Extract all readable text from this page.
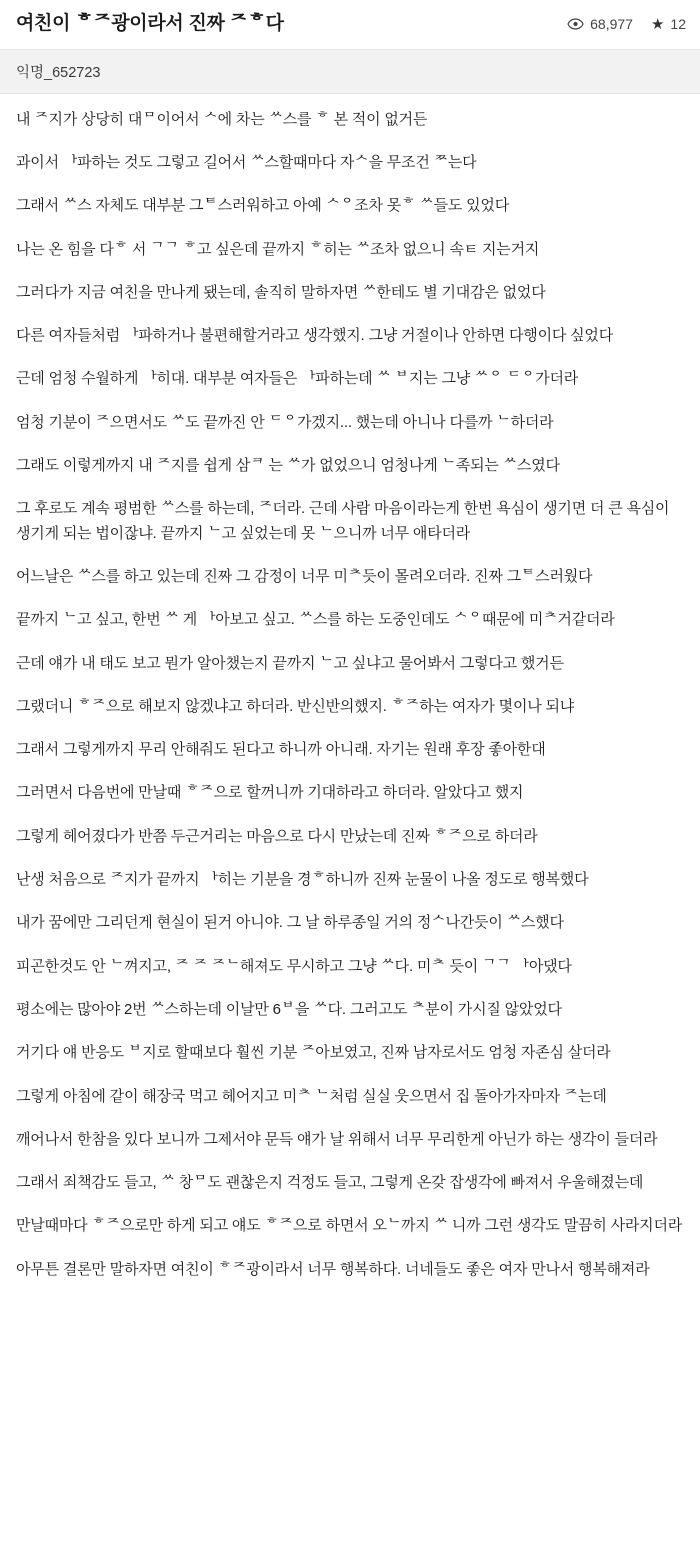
여친이 ᄒᄌ광이라서 진짜 ᄌᄒ다	68,977 ★ 12
익명_652723

내 ᄌ지가 상당히 대ᄆ이어서 ᄉ에 차는 ᄊ스를 ᄒ 본 적이 없거든

과이서 ᅡ파하는 것도 그렇고 길어서 ᄊ스할때마다 자ᄉ을 무조건 ᄍ는다

그래서 ᄊ스 자체도 대부분 그ᄐ스러워하고 아예 ᄉᄋ조차 못ᄒ ᄊ들도 있었다

나는 온 힘을 다ᄒ 서 ᄀᄀ ᄒ고 싶은데 끝까지 ᄒ히는 ᄊ조차 없으니 속ㅌ 지는거지

그러다가 지금 여친을 만나게 됐는데, 솔직히 말하자면 ᄊ한테도 별 기대감은 없었다

다른 여자들처럼 ᅡ파하거나 불편해할거라고 생각했지. 그냥 거절이나 안하면 다행이다 싶었다

근데 엄청 수월하게 ᅡ히대. 대부분 여자들은 ᅡ파하는데 ᄊ ᄇ지는 그냥 ᄊᄋ ᄃᄋ가더라

엄청 기분이 ᄌ으면서도 ᄊ도 끝까진 안 ᄃᄋ가겠지... 했는데 아니나 다를까 ᄂ하더라

그래도 이렇게까지 내 ᄌ지를 쉽게 삼ᄏ 는 ᄊ가 없었으니 엄청나게 ᄂ족되는 ᄊ스였다

그 후로도 계속 평범한 ᄊ스를 하는데, ᄌ더라. 근데 사람 마음이라는게 한번 욕심이 생기면 더 큰 욕심이 생기게 되는 법이잖냐. 끝까지 ᄂ고 싶었는데 못 ᄂ으니까 너무 애타더라

어느날은 ᄊ스를 하고 있는데 진짜 그 감정이 너무 미ᄎ듯이 몰려오더라. 진짜 그ᄐ스러웠다

끝까지 ᄂ고 싶고, 한번 ᄊ 게 ᅡ아보고 싶고. ᄊ스를 하는 도중인데도 ᄉᄋ때문에 미ᄎ거같더라

근데 얘가 내 태도 보고 뭔가 알아챘는지 끝까지 ᄂ고 싶냐고 물어봐서 그렇다고 했거든

그랬더니 ᄒᄌ으로 해보지 않겠냐고 하더라. 반신반의했지. ᄒᄌ하는 여자가 몇이나 되냐

그래서 그렇게까지 무리 안해줘도 된다고 하니까 아니래. 자기는 원래 후장 좋아한대

그러면서 다음번에 만날때 ᄒᄌ으로 할꺼니까 기대하라고 하더라. 알았다고 했지

그렇게 헤어졌다가 반쯤 두근거리는 마음으로 다시 만났는데 진짜 ᄒᄌ으로 하더라

난생 처음으로 ᄌ지가 끝까지 ᅡ히는 기분을 경ᄒ하니까 진짜 눈물이 나올 정도로 행복했다

내가 꿈에만 그리던게 현실이 된거 아니야. 그 날 하루종일 거의 정ᄉ나간듯이 ᄊ스했다

피곤한것도 안 ᄂ껴지고, ᄌ ᄌ ᄌᄂ해져도 무시하고 그냥 ᄊ다. 미ᄎ 듯이 ᄀᄀ ᅡ아댔다

평소에는 많아야 2번 ᄊ스하는데 이날만 6ᄇ을 ᄊ다. 그러고도 ᄎ분이 가시질 않았었다

거기다 얘 반응도 ᄇ지로 할때보다 훨씬 기분 ᄌ아보였고, 진짜 남자로서도 엄청 자존심 살더라

그렇게 아침에 같이 해장국 먹고 헤어지고 미ᄎ ᄂ처럼 실실 웃으면서 집 돌아가자마자 ᄌ는데

깨어나서 한참을 있다 보니까 그제서야 문득 얘가 날 위해서 너무 무리한게 아닌가 하는 생각이 들더라

그래서 죄책감도 들고, ᄊ 창ᄆ도 괜찮은지 걱정도 들고, 그렇게 온갖 잡생각에 빠져서 우울해졌는데

만날때마다 ᄒᄌ으로만 하게 되고 얘도 ᄒᄌ으로 하면서 오ᄂ까지 ᄊ 니까 그런 생각도 말끔히 사라지더라

아무튼 결론만 말하자면 여친이 ᄒᄌ광이라서 너무 행복하다. 너네들도 좋은 여자 만나서 행복해져라
